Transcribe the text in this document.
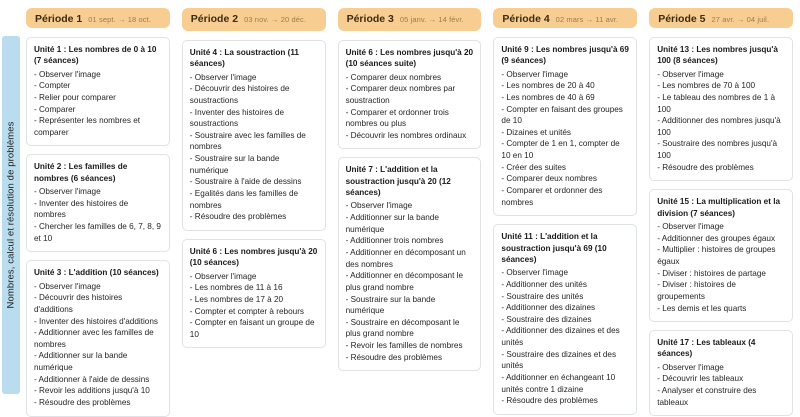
Nombres, calcul et résolution de problèmes
Période 1 01 sept. → 18 oct.

Unité 1 : Les nombres de 0 à 10 (7 séances)

- Observer l'image

- Compter

- Relier pour comparer

- Comparer

- Représenter les nombres et comparer

Unité 2 : Les familles de nombres (6 séances)

- Observer l'image

- Inventer des histoires de nombres

- Chercher les familles de 6, 7, 8, 9 et 10

Unité 3 : L'addition (10 séances)

- Observer l'image

- Découvrir des histoires d'additions

- Inventer des histoires d'additions

- Additionner avec les familles de nombres

- Additionner sur la bande numérique

- Additionner à l'aide de dessins

- Revoir les additions jusqu'à 10

- Résoudre des problèmes

Période 2 03 nov. → 20 déc.

Unité 4 : La soustraction (11 séances)

- Observer l'image

- Découvrir des histoires de soustractions

- Inventer des histoires de soustractions

- Soustraire avec les familles de nombres

- Soustraire sur la bande numérique

- Soustraire à l'aide de dessins

- Egalités dans les familles de nombres

- Résoudre des problèmes

Unité 6 : Les nombres jusqu'à 20 (10 séances)

- Observer l'image

- Les nombres de 11 à 16

- Les nombres de 17 à 20

- Compter et compter à rebours

- Compter en faisant un groupe de 10

Période 3 05 janv. → 14 févr.

Unité 6 : Les nombres jusqu'à 20 (10 séances suite)

- Comparer deux nombres

- Comparer deux nombres par soustraction

- Comparer et ordonner trois nombres ou plus

- Découvrir les nombres ordinaux

Unité 7 : L'addition et la soustraction jusqu'à 20 (12 séances)

- Observer l'image

- Additionner sur la bande numérique

- Additionner trois nombres

- Additionner en décomposant un des nombres

- Additionner en décomposant le plus grand nombre

- Soustraire sur la bande numérique

- Soustraire en décomposant le plus grand nombre

- Revoir les familles de nombres

- Résoudre des problèmes

Période 4 02 mars → 11 avr.

Unité 9 : Les nombres jusqu'à 69 (9 séances)

- Observer l'image

- Les nombres de 20 à 40

- Les nombres de 40 à 69

- Compter en faisant des groupes de 10

- Dizaines et unités

- Compter de 1 en 1, compter de 10 en 10

- Créer des suites

- Comparer deux nombres

- Comparer et ordonner des nombres

Unité 11 : L'addition et la soustraction jusqu'à 69 (10 séances)

- Observer l'image

- Additionner des unités

- Soustraire des unités

- Additionner des dizaines

- Soustraire des dizaines

- Additionner des dizaines et des unités

- Soustraire des dizaines et des unités

- Additionner en échangeant 10 unités contre 1 dizaine

- Résoudre des problèmes

Période 5 27 avr. → 04 juil.

Unité 13 : Les nombres jusqu'à 100 (8 séances)

- Observer l'image

- Les nombres de 70 à 100

- Le tableau des nombres de 1 à 100

- Additionner des nombres jusqu'à 100

- Soustraire des nombres jusqu'à 100

- Résoudre des problèmes

Unité 15 : La multiplication et la division (7 séances)

- Observer l'image

- Additionner des groupes égaux

- Multiplier : histoires de groupes égaux

- Diviser : histoires de partage

- Diviser : histoires de groupements

- Les demis et les quarts

Unité 17 : Les tableaux (4 séances)

- Observer l'image

- Découvrir les tableaux

- Analyser et construire des tableaux
